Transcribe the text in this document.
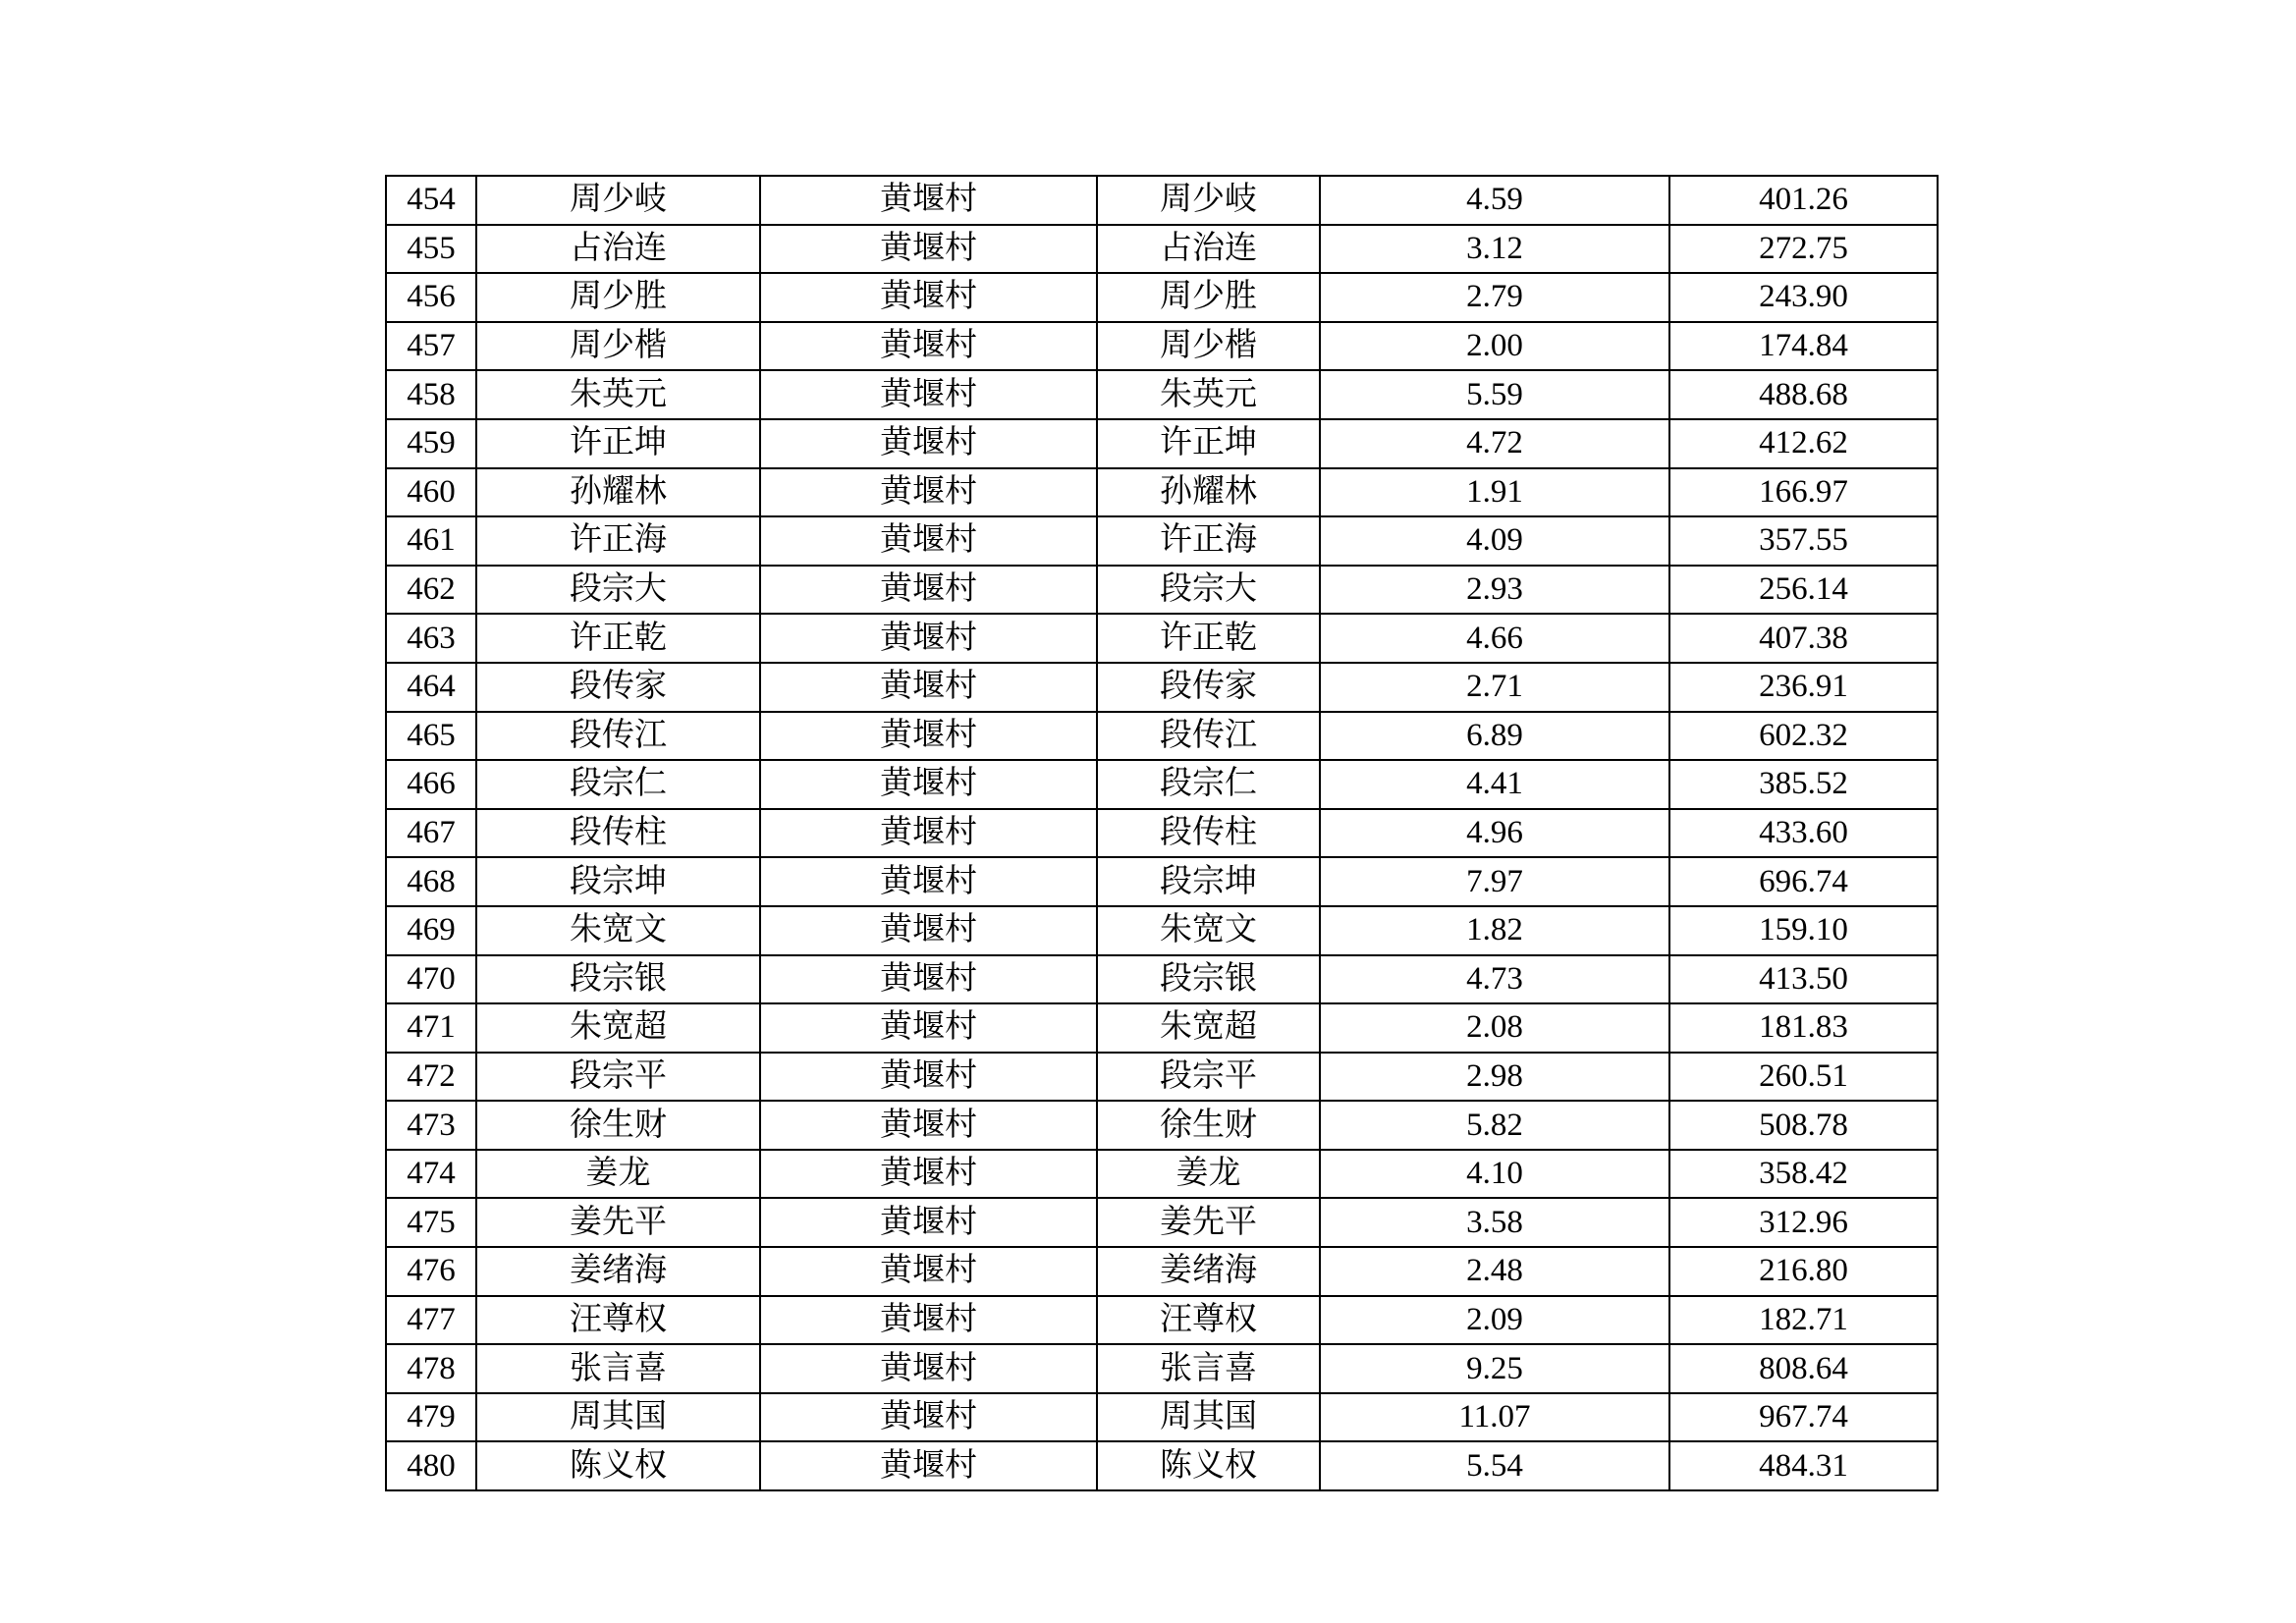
454	周少岐	黄堰村	周少岐	4.59	401.26
455	占治连	黄堰村	占治连	3.12	272.75
456	周少胜	黄堰村	周少胜	2.79	243.90
457	周少楷	黄堰村	周少楷	2.00	174.84
458	朱英元	黄堰村	朱英元	5.59	488.68
459	许正坤	黄堰村	许正坤	4.72	412.62
460	孙耀林	黄堰村	孙耀林	1.91	166.97
461	许正海	黄堰村	许正海	4.09	357.55
462	段宗大	黄堰村	段宗大	2.93	256.14
463	许正乾	黄堰村	许正乾	4.66	407.38
464	段传家	黄堰村	段传家	2.71	236.91
465	段传江	黄堰村	段传江	6.89	602.32
466	段宗仁	黄堰村	段宗仁	4.41	385.52
467	段传柱	黄堰村	段传柱	4.96	433.60
468	段宗坤	黄堰村	段宗坤	7.97	696.74
469	朱宽文	黄堰村	朱宽文	1.82	159.10
470	段宗银	黄堰村	段宗银	4.73	413.50
471	朱宽超	黄堰村	朱宽超	2.08	181.83
472	段宗平	黄堰村	段宗平	2.98	260.51
473	徐生财	黄堰村	徐生财	5.82	508.78
474	姜龙	黄堰村	姜龙	4.10	358.42
475	姜先平	黄堰村	姜先平	3.58	312.96
476	姜绪海	黄堰村	姜绪海	2.48	216.80
477	汪尊权	黄堰村	汪尊权	2.09	182.71
478	张言喜	黄堰村	张言喜	9.25	808.64
479	周其国	黄堰村	周其国	11.07	967.74
480	陈义权	黄堰村	陈义权	5.54	484.31
